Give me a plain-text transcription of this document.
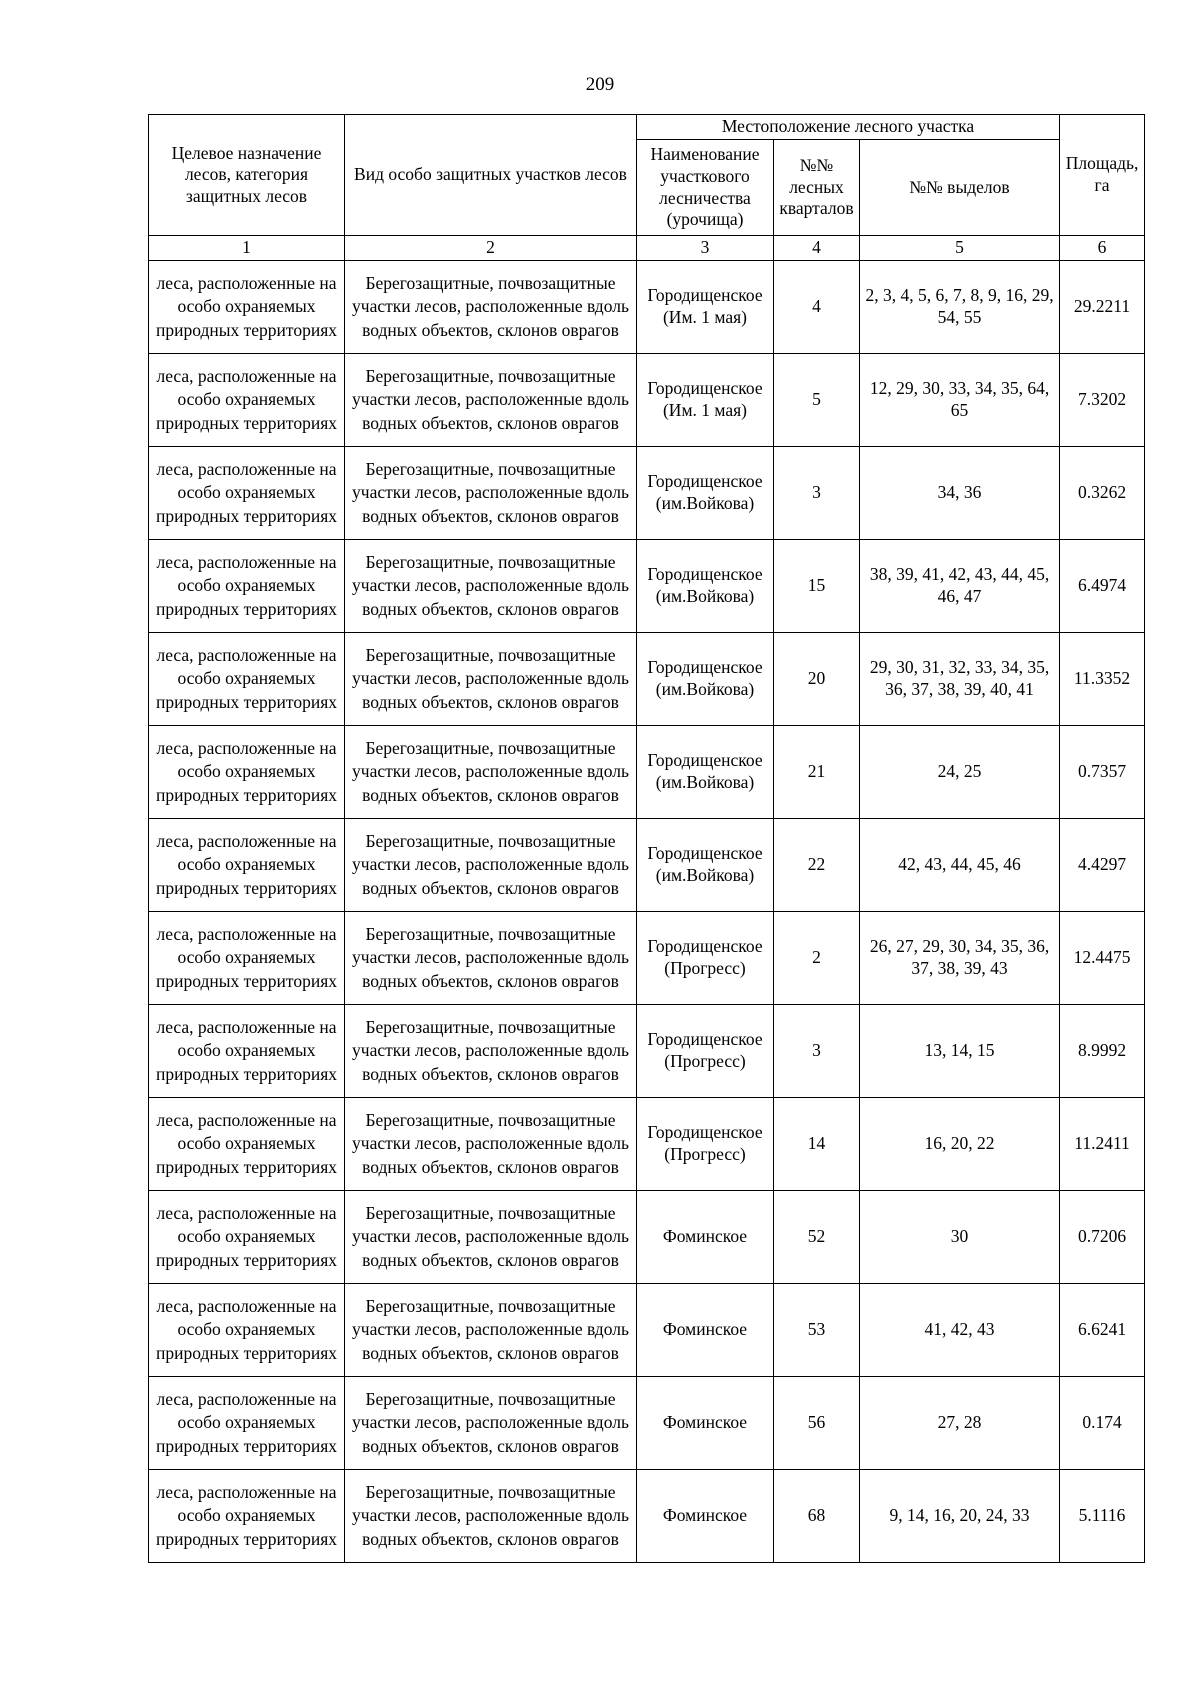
209
Целевое назначение лесов, категория защитных лесов	Вид особо защитных участков лесов	Местоположение лесного участка			Площадь, га
		Наименование участкового лесничества (урочища)	№№ лесных кварталов	№№ выделов	
1	2	3	4	5	6
леса, расположенные на особо охраняемых природных территориях	Берегозащитные, почвозащитные участки лесов, расположенные вдоль водных объектов, склонов оврагов	Городищенское (Им. 1 мая)	4	2, 3, 4, 5, 6, 7, 8, 9, 16, 29, 54, 55	29.2211
леса, расположенные на особо охраняемых природных территориях	Берегозащитные, почвозащитные участки лесов, расположенные вдоль водных объектов, склонов оврагов	Городищенское (Им. 1 мая)	5	12, 29, 30, 33, 34, 35, 64, 65	7.3202
леса, расположенные на особо охраняемых природных территориях	Берегозащитные, почвозащитные участки лесов, расположенные вдоль водных объектов, склонов оврагов	Городищенское (им.Войкова)	3	34, 36	0.3262
леса, расположенные на особо охраняемых природных территориях	Берегозащитные, почвозащитные участки лесов, расположенные вдоль водных объектов, склонов оврагов	Городищенское (им.Войкова)	15	38, 39, 41, 42, 43, 44, 45, 46, 47	6.4974
леса, расположенные на особо охраняемых природных территориях	Берегозащитные, почвозащитные участки лесов, расположенные вдоль водных объектов, склонов оврагов	Городищенское (им.Войкова)	20	29, 30, 31, 32, 33, 34, 35, 36, 37, 38, 39, 40, 41	11.3352
леса, расположенные на особо охраняемых природных территориях	Берегозащитные, почвозащитные участки лесов, расположенные вдоль водных объектов, склонов оврагов	Городищенское (им.Войкова)	21	24, 25	0.7357
леса, расположенные на особо охраняемых природных территориях	Берегозащитные, почвозащитные участки лесов, расположенные вдоль водных объектов, склонов оврагов	Городищенское (им.Войкова)	22	42, 43, 44, 45, 46	4.4297
леса, расположенные на особо охраняемых природных территориях	Берегозащитные, почвозащитные участки лесов, расположенные вдоль водных объектов, склонов оврагов	Городищенское (Прогресс)	2	26, 27, 29, 30, 34, 35, 36, 37, 38, 39, 43	12.4475
леса, расположенные на особо охраняемых природных территориях	Берегозащитные, почвозащитные участки лесов, расположенные вдоль водных объектов, склонов оврагов	Городищенское (Прогресс)	3	13, 14, 15	8.9992
леса, расположенные на особо охраняемых природных территориях	Берегозащитные, почвозащитные участки лесов, расположенные вдоль водных объектов, склонов оврагов	Городищенское (Прогресс)	14	16, 20, 22	11.2411
леса, расположенные на особо охраняемых природных территориях	Берегозащитные, почвозащитные участки лесов, расположенные вдоль водных объектов, склонов оврагов	Фоминское	52	30	0.7206
леса, расположенные на особо охраняемых природных территориях	Берегозащитные, почвозащитные участки лесов, расположенные вдоль водных объектов, склонов оврагов	Фоминское	53	41, 42, 43	6.6241
леса, расположенные на особо охраняемых природных территориях	Берегозащитные, почвозащитные участки лесов, расположенные вдоль водных объектов, склонов оврагов	Фоминское	56	27, 28	0.174
леса, расположенные на особо охраняемых природных территориях	Берегозащитные, почвозащитные участки лесов, расположенные вдоль водных объектов, склонов оврагов	Фоминское	68	9, 14, 16, 20, 24, 33	5.1116
